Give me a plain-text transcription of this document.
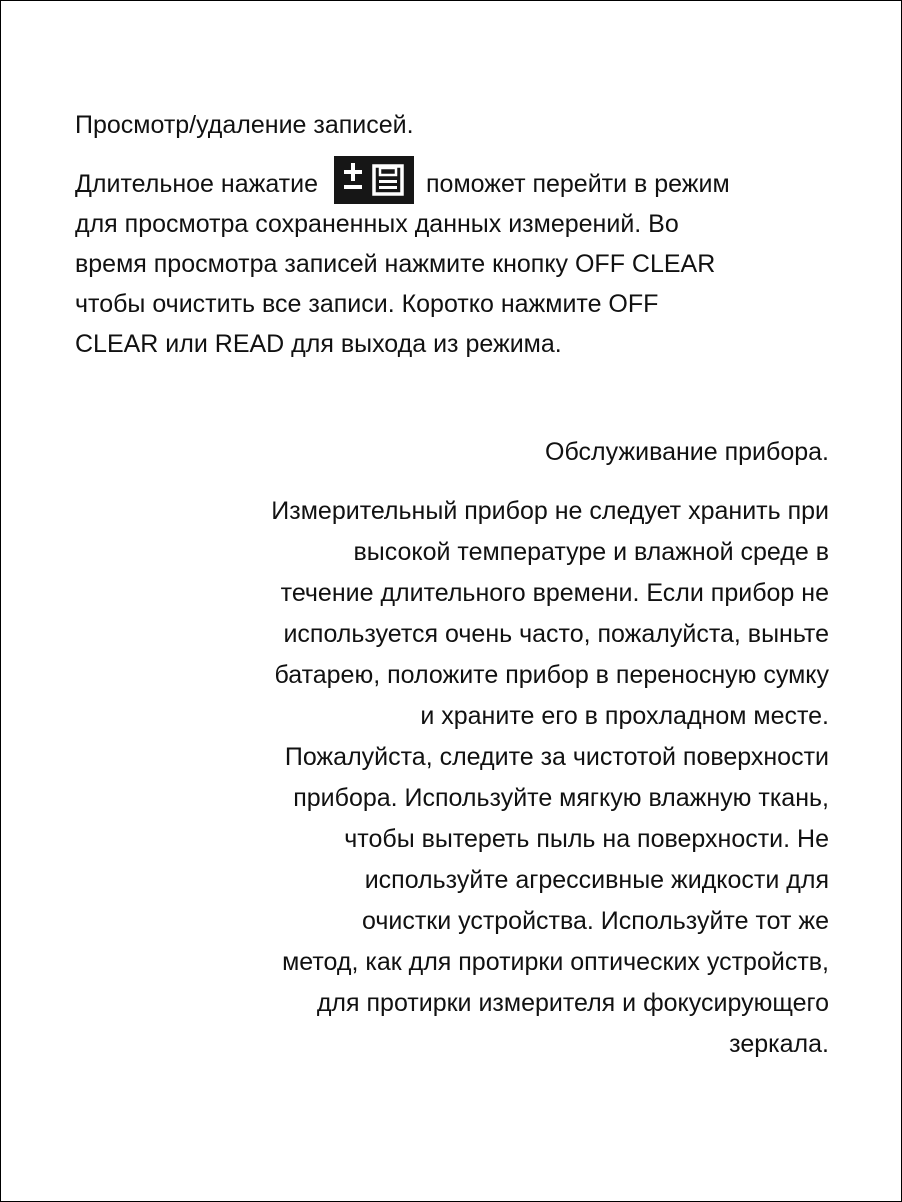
Просмотр/удаление записей.

Длительное нажатие	поможет перейти в режим
для просмотра сохраненных данных измерений. Во
время просмотра записей нажмите кнопку OFF CLEAR
чтобы очистить все записи. Коротко нажмите OFF
CLEAR или READ для выхода из режима.

Обслуживание прибора.

Измерительный прибор не следует хранить при
высокой температуре и влажной среде в
течение длительного времени. Если прибор не
используется очень часто, пожалуйста, выньте
батарею, положите прибор в переносную сумку
и храните его в прохладном месте.
Пожалуйста, следите за чистотой поверхности
прибора. Используйте мягкую влажную ткань,
чтобы вытереть пыль на поверхности. Не
используйте агрессивные жидкости для
очистки устройства. Используйте тот же
метод, как для протирки оптических устройств,
для протирки измерителя и фокусирующего
зеркала.
